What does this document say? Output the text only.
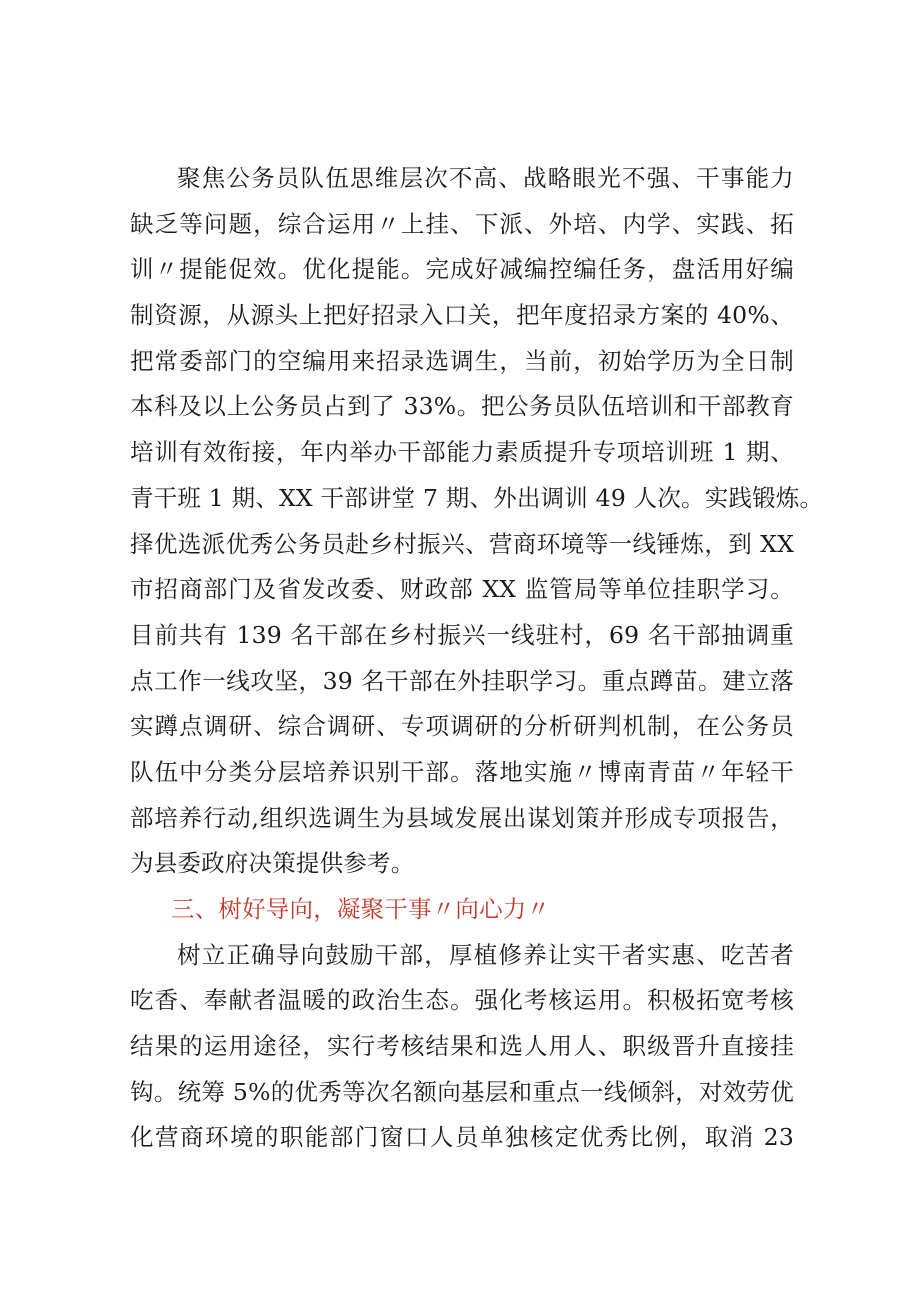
聚焦公务员队伍思维层次不高、战略眼光不强、干事能力
缺乏等问题，综合运用〃上挂、下派、外培、内学、实践、拓
训〃提能促效。优化提能。完成好减编控编任务，盘活用好编
制资源，从源头上把好招录入口关，把年度招录方案的 40%、
把常委部门的空编用来招录选调生，当前，初始学历为全日制
本科及以上公务员占到了 33%。把公务员队伍培训和干部教育
培训有效衔接，年内举办干部能力素质提升专项培训班 1 期、
青干班 1 期、XX 干部讲堂 7 期、外出调训 49 人次。实践锻炼。
择优选派优秀公务员赴乡村振兴、营商环境等一线锤炼，到 XX
市招商部门及省发改委、财政部 XX 监管局等单位挂职学习。
目前共有 139 名干部在乡村振兴一线驻村，69 名干部抽调重
点工作一线攻坚，39 名干部在外挂职学习。重点蹲苗。建立落
实蹲点调研、综合调研、专项调研的分析研判机制，在公务员
队伍中分类分层培养识别干部。落地实施〃博南青苗〃年轻干
部培养行动,组织选调生为县域发展出谋划策并形成专项报告，
为县委政府决策提供参考。
三、树好导向，凝聚干事〃向心力〃
树立正确导向鼓励干部，厚植修养让实干者实惠、吃苦者
吃香、奉献者温暖的政治生态。强化考核运用。积极拓宽考核
结果的运用途径，实行考核结果和选人用人、职级晋升直接挂
钩。统筹 5%的优秀等次名额向基层和重点一线倾斜，对效劳优
化营商环境的职能部门窗口人员单独核定优秀比例，取消 23
